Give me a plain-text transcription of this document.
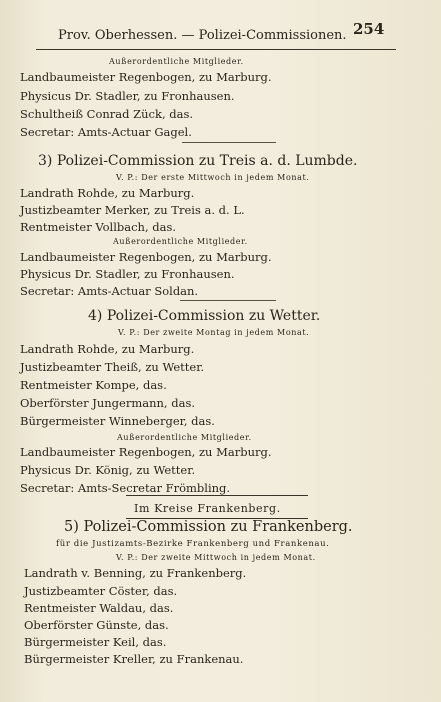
Prov. Oberhessen. — Polizei-Commissionen. 254
Außerordentliche Mitglieder.
Landbaumeister Regenbogen, zu Marburg.
Physicus Dr. Stadler, zu Fronhausen.
Schultheiß Conrad Zück, das.
Secretar: Amts-Actuar Gagel.
3) Polizei-Commission zu Treis a. d. Lumbde.
V. P.: Der erste Mittwoch in jedem Monat.
Landrath Rohde, zu Marburg.
Justizbeamter Merker, zu Treis a. d. L.
Rentmeister Vollbach, das.
Außerordentliche Mitglieder.
Landbaumeister Regenbogen, zu Marburg.
Physicus Dr. Stadler, zu Fronhausen.
Secretar: Amts-Actuar Soldan.
4) Polizei-Commission zu Wetter.
V. P.: Der zweite Montag in jedem Monat.
Landrath Rohde, zu Marburg.
Justizbeamter Theiß, zu Wetter.
Rentmeister Kompe, das.
Oberförster Jungermann, das.
Bürgermeister Winneberger, das.
Außerordentliche Mitglieder.
Landbaumeister Regenbogen, zu Marburg.
Physicus Dr. König, zu Wetter.
Secretar: Amts-Secretar Frömbling.
Im Kreise Frankenberg.
5) Polizei-Commission zu Frankenberg.
für die Justizamts-Bezirke Frankenberg und Frankenau.
V. P.: Der zweite Mittwoch in jedem Monat.
Landrath v. Benning, zu Frankenberg.
Justizbeamter Cöster, das.
Rentmeister Waldau, das.
Oberförster Günste, das.
Bürgermeister Keil, das.
Bürgermeister Kreller, zu Frankenau.
